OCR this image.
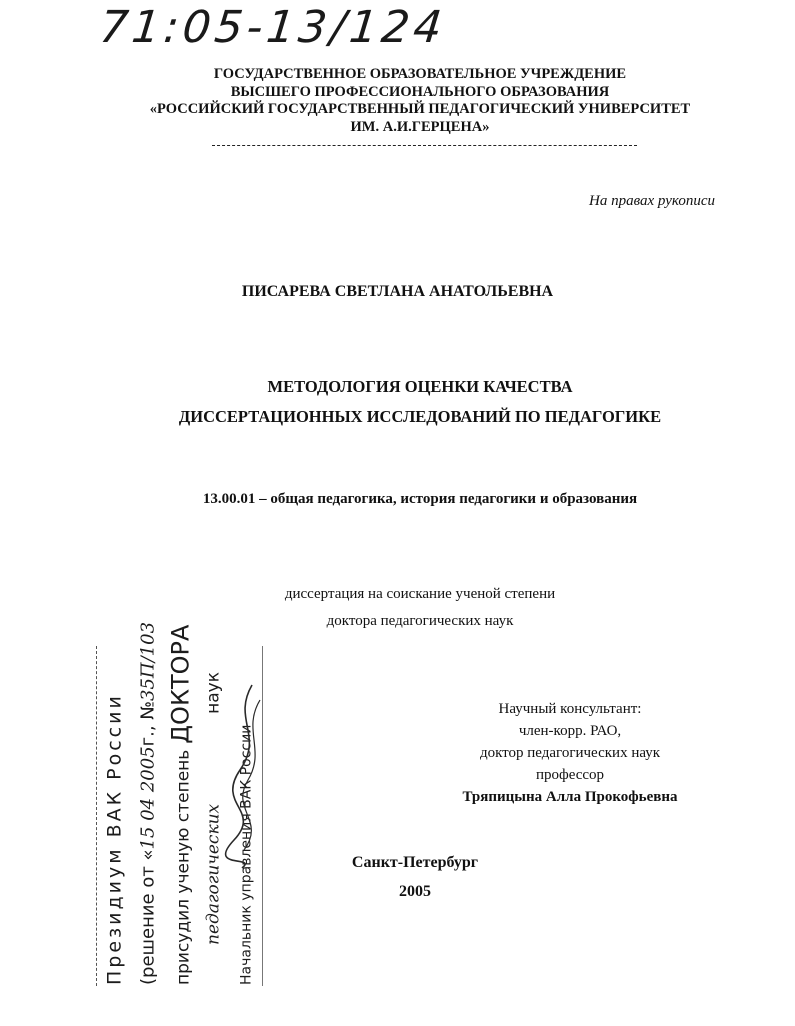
71:05-13/124
ГОСУДАРСТВЕННОЕ ОБРАЗОВАТЕЛЬНОЕ УЧРЕЖДЕНИЕ
ВЫСШЕГО ПРОФЕССИОНАЛЬНОГО ОБРАЗОВАНИЯ
«РОССИЙСКИЙ ГОСУДАРСТВЕННЫЙ ПЕДАГОГИЧЕСКИЙ УНИВЕРСИТЕТ
ИМ. А.И.ГЕРЦЕНА»
На правах рукописи
ПИСАРЕВА СВЕТЛАНА АНАТОЛЬЕВНА
МЕТОДОЛОГИЯ ОЦЕНКИ КАЧЕСТВА
ДИССЕРТАЦИОННЫХ ИССЛЕДОВАНИЙ ПО ПЕДАГОГИКЕ
13.00.01 – общая педагогика, история педагогики и образования
диссертация на соискание ученой степени
доктора педагогических наук
Научный консультант:
член-корр. РАО,
доктор педагогических наук
профессор
Тряпицына Алла Прокофьевна
Санкт-Петербург
2005
Президиум ВАК России (решение от «15 04 2005г., №35П/103
присудил ученую степеньДОКТОРА
педагогическихнаук
Начальник управления ВАК России
